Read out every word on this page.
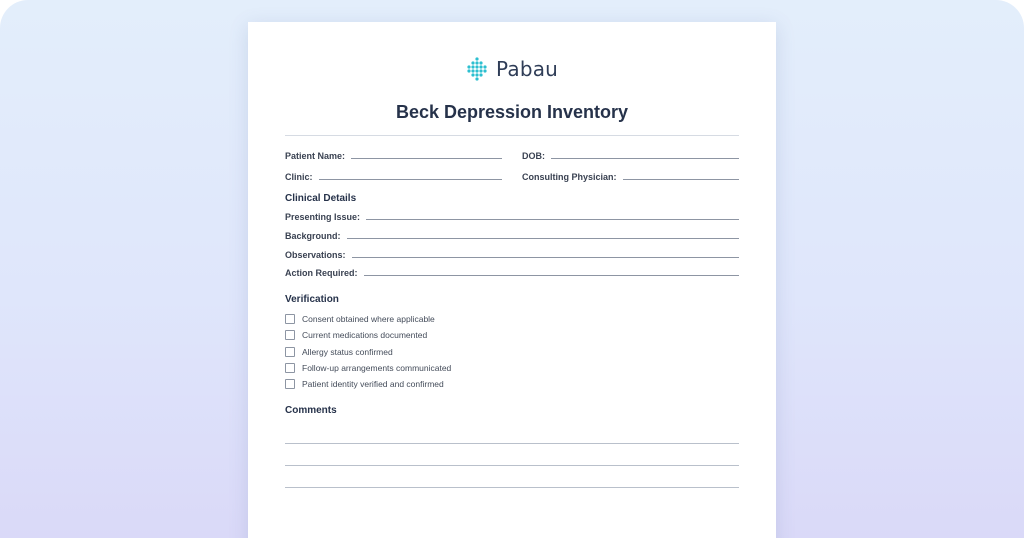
Pabau
Beck Depression Inventory
Patient Name:	DOB:
Clinic:	Consulting Physician:
Clinical Details
Presenting Issue:
Background:
Observations:
Action Required:
Verification
Consent obtained where applicable
Current medications documented
Allergy status confirmed
Follow-up arrangements communicated
Patient identity verified and confirmed
Comments
